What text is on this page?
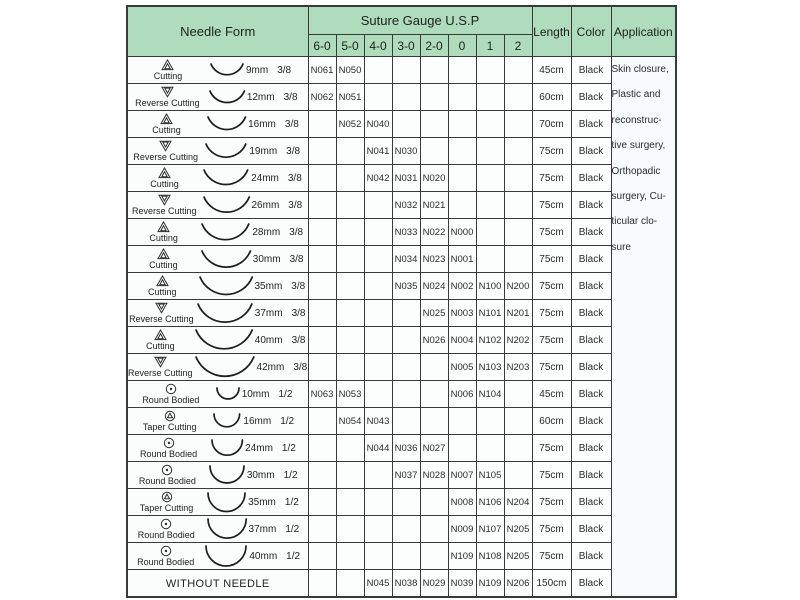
Needle Form	Suture Gauge U.S.P								Length	Color	Application
	6-0	5-0	4-0	3-0	2-0	0	1	2			

Cutting
9mm 3/8	N061	N050							45cm	Black	Skin closure,
Plastic and
reconstruc-
tive surgery,
Orthopadic
surgery, Cu-
ticular clo-
sure

Reverse Cutting
12mm 3/8	N062	N051							60cm	Black	

Cutting
16mm 3/8		N052	N040						70cm	Black	

Reverse Cutting
19mm 3/8			N041	N030					75cm	Black	

Cutting
24mm 3/8			N042	N031	N020				75cm	Black	

Reverse Cutting
26mm 3/8				N032	N021				75cm	Black	

Cutting
28mm 3/8				N033	N022	N000			75cm	Black	

Cutting
30mm 3/8				N034	N023	N001			75cm	Black	

Cutting
35mm 3/8				N035	N024	N002	N100	N200	75cm	Black	

Reverse Cutting
37mm 3/8					N025	N003	N101	N201	75cm	Black	

Cutting
40mm 3/8					N026	N004	N102	N202	75cm	Black	

Reverse Cutting
42mm 3/8						N005	N103	N203	75cm	Black	

Round Bodied
10mm 1/2	N063	N053				N006	N104		45cm	Black	

Taper Cutting
16mm 1/2		N054	N043						60cm	Black	

Round Bodied
24mm 1/2			N044	N036	N027				75cm	Black	

Round Bodied
30mm 1/2				N037	N028	N007	N105		75cm	Black	

Taper Cutting
35mm 1/2						N008	N106	N204	75cm	Black	

Round Bodied
37mm 1/2						N009	N107	N205	75cm	Black	

Round Bodied
40mm 1/2						N109	N108	N205	75cm	Black	

WITHOUT NEEDLE			N045	N038	N029	N039	N109	N206	150cm	Black	
